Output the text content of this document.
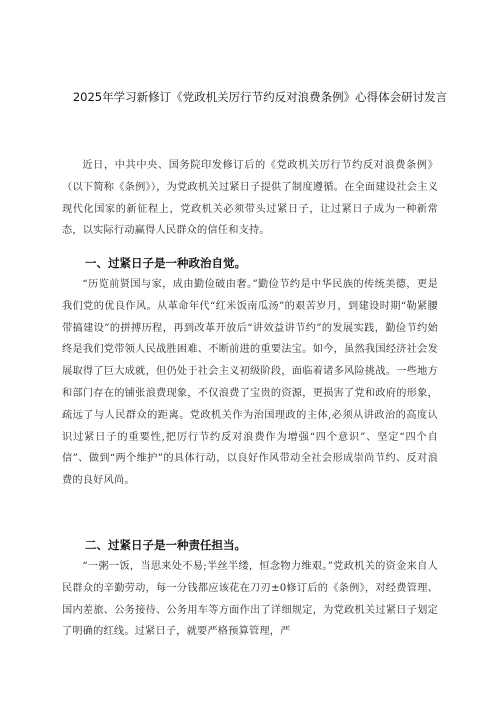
2025年学习新修订《党政机关厉行节约反对浪费条例》心得体会研讨发言

近日，中共中央、国务院印发修订后的《党政机关厉行节约反对浪费条例》（以下简称《条例》），为党政机关过紧日子提供了制度遵循。在全面建设社会主义现代化国家的新征程上，党政机关必须带头过紧日子，让过紧日子成为一种新常态，以实际行动赢得人民群众的信任和支持。

一、过紧日子是一种政治自觉。

“历览前贤国与家，成由勤俭破由奢。”勤俭节约是中华民族的传统美德，更是我们党的优良作风。从革命年代“红米饭南瓜汤”的艰苦岁月，到建设时期“勒紧腰带搞建设”的拼搏历程，再到改革开放后“讲效益讲节约”的发展实践，勤俭节约始终是我们党带领人民战胜困难、不断前进的重要法宝。如今，虽然我国经济社会发展取得了巨大成就，但仍处于社会主义初级阶段，面临着诸多风险挑战。一些地方和部门存在的铺张浪费现象，不仅浪费了宝贵的资源，更损害了党和政府的形象，疏远了与人民群众的距离。党政机关作为治国理政的主体,必须从讲政治的高度认识过紧日子的重要性,把厉行节约反对浪费作为增强“四个意识”、坚定“四个自信”、做到“两个维护”的具体行动，以良好作风带动全社会形成崇尚节约、反对浪费的良好风尚。

二、过紧日子是一种责任担当。

“一粥一饭，当思来处不易;半丝半缕，恒念物力维艰。”党政机关的资金来自人民群众的辛勤劳动，每一分钱都应该花在刀刃±0修订后的《条例》，对经费管理、国内差旅、公务接待、公务用车等方面作出了详细规定，为党政机关过紧日子划定了明确的红线。过紧日子，就要严格预算管理，严
